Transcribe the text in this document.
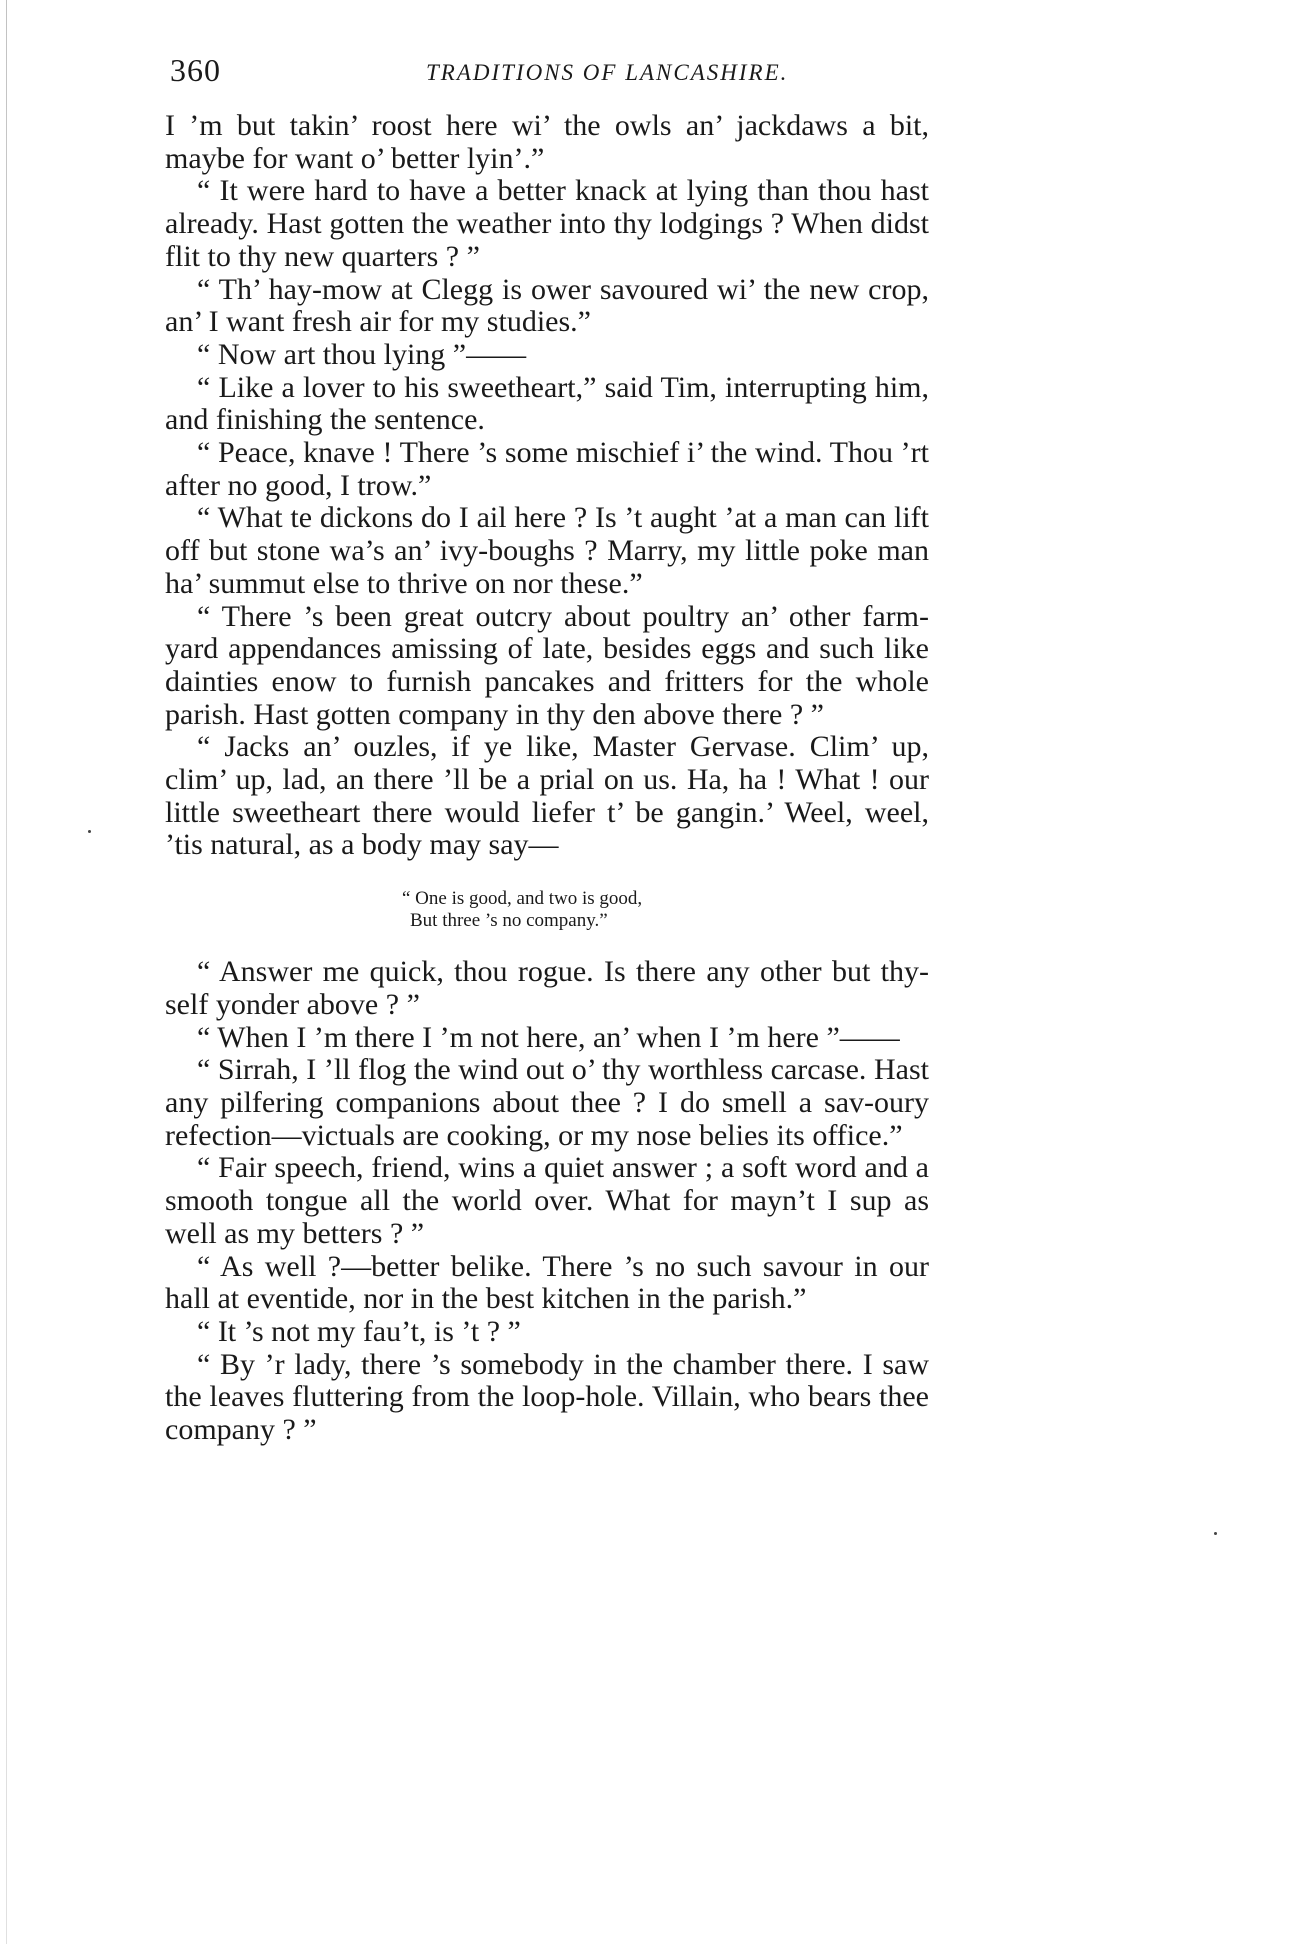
360	TRADITIONS OF LANCASHIRE.

I ’m but takin’ roost here wi’ the owls an’ jackdaws a bit, maybe for want o’ better lyin’.”

“ It were hard to have a better knack at lying than thou hast already. Hast gotten the weather into thy lodgings ? When didst flit to thy new quarters ? ”

“ Th’ hay-mow at Clegg is ower savoured wi’ the new crop, an’ I want fresh air for my studies.”

“ Now art thou lying ”——

“ Like a lover to his sweetheart,” said Tim, interrupting him, and finishing the sentence.

“ Peace, knave ! There ’s some mischief i’ the wind. Thou ’rt after no good, I trow.”

“ What te dickons do I ail here ? Is ’t aught ’at a man can lift off but stone wa’s an’ ivy-boughs ? Marry, my little poke man ha’ summut else to thrive on nor these.”

“ There ’s been great outcry about poultry an’ other farm-yard appendances amissing of late, besides eggs and such like dainties enow to furnish pancakes and fritters for the whole parish. Hast gotten company in thy den above there ? ”

“ Jacks an’ ouzles, if ye like, Master Gervase. Clim’ up, clim’ up, lad, an there ’ll be a prial on us. Ha, ha ! What ! our little sweetheart there would liefer t’ be gangin.’ Weel, weel, ’tis natural, as a body may say—

“ One is good, and two is good,
But three ’s no company.”

“ Answer me quick, thou rogue. Is there any other but thy-self yonder above ? ”

“ When I ’m there I ’m not here, an’ when I ’m here ”——

“ Sirrah, I ’ll flog the wind out o’ thy worthless carcase. Hast any pilfering companions about thee ? I do smell a sav-oury refection—victuals are cooking, or my nose belies its office.”

“ Fair speech, friend, wins a quiet answer ; a soft word and a smooth tongue all the world over. What for mayn’t I sup as well as my betters ? ”

“ As well ?—better belike. There ’s no such savour in our hall at eventide, nor in the best kitchen in the parish.”

“ It ’s not my fau’t, is ’t ? ”

“ By ’r lady, there ’s somebody in the chamber there. I saw the leaves fluttering from the loop-hole. Villain, who bears thee company ? ”
